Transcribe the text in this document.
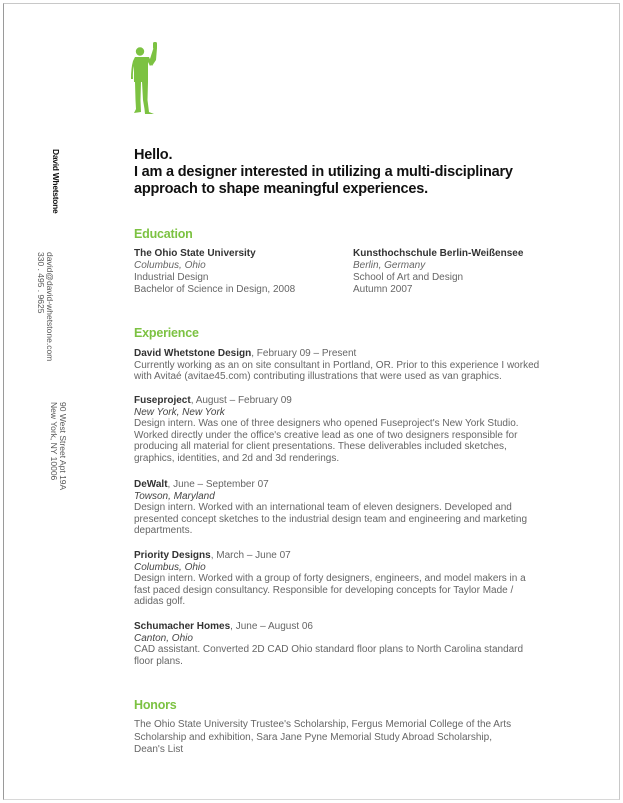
David Whetstone
david@david-whetstone.com
330 . 495 . 9625
90 West Street Apt 19A
New York, NY 10006
Hello.
I am a designer interested in utilizing a multi-disciplinary
approach to shape meaningful experiences.
Education
The Ohio State University
Columbus, Ohio
Industrial Design
Bachelor of Science in Design, 2008
Kunsthochschule Berlin-Weißensee
Berlin, Germany
School of Art and Design
Autumn 2007
Experience
David Whetstone Design, February 09 – Present
Currently working as an on site consultant in Portland, OR. Prior to this experience I worked
with Avitaé (avitae45.com) contributing illustrations that were used as van graphics.
Fuseproject, August – February 09
New York, New York
Design intern. Was one of three designers who opened Fuseproject's New York Studio.
Worked directly under the office's creative lead as one of two designers responsible for
producing all material for client presentations. These deliverables included sketches,
graphics, identities, and 2d and 3d renderings.
DeWalt, June – September 07
Towson, Maryland
Design intern. Worked with an international team of eleven designers. Developed and
presented concept sketches to the industrial design team and engineering and marketing
departments.
Priority Designs, March – June 07
Columbus, Ohio
Design intern. Worked with a group of forty designers, engineers, and model makers in a
fast paced design consultancy. Responsible for developing concepts for Taylor Made /
adidas golf.
Schumacher Homes, June – August 06
Canton, Ohio
CAD assistant. Converted 2D CAD Ohio standard floor plans to North Carolina standard
floor plans.
Honors
The Ohio State University Trustee's Scholarship, Fergus Memorial College of the Arts
Scholarship and exhibition, Sara Jane Pyne Memorial Study Abroad Scholarship,
Dean's List
